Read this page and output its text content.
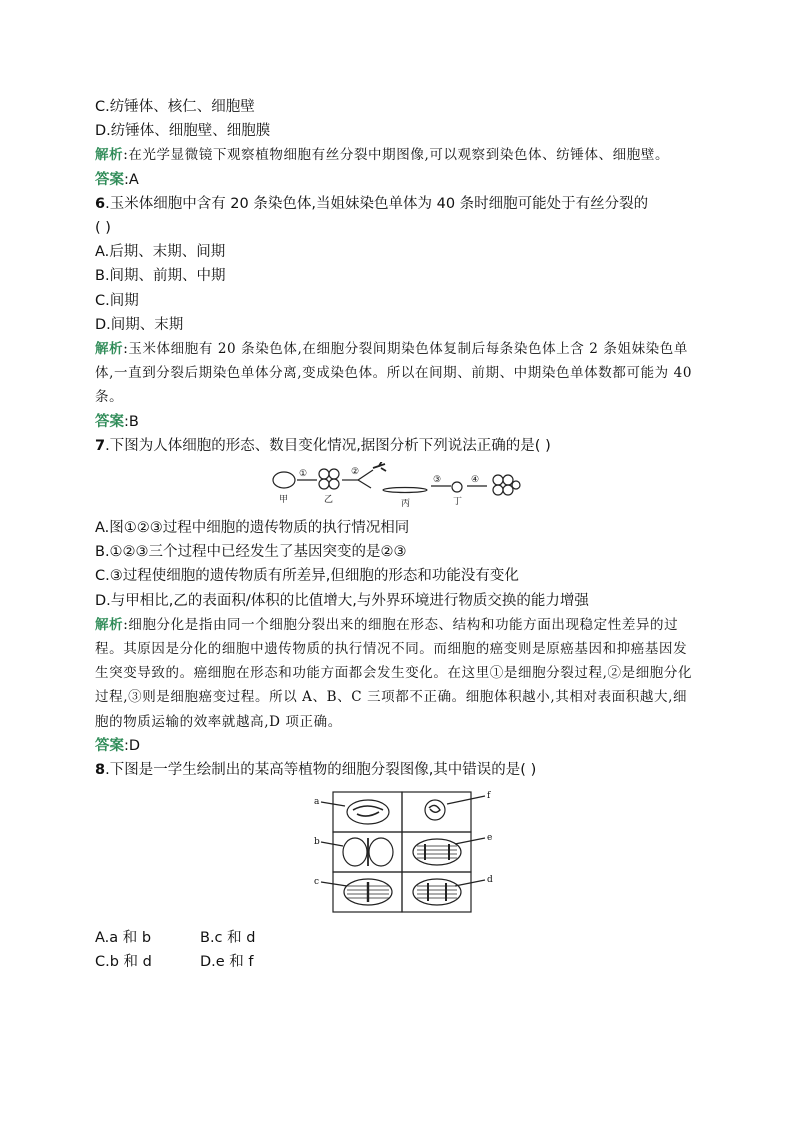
C.纺锤体、核仁、细胞壁
D.纺锤体、细胞壁、细胞膜
解析:在光学显微镜下观察植物细胞有丝分裂中期图像,可以观察到染色体、纺锤体、细胞壁。
答案:A
6.玉米体细胞中含有 20 条染色体,当姐妹染色单体为 40 条时细胞可能处于有丝分裂的
( )
A.后期、末期、间期
B.间期、前期、中期
C.间期
D.间期、末期
解析:玉米体细胞有 20 条染色体,在细胞分裂间期染色体复制后每条染色体上含 2 条姐妹染色单体,一直到分裂后期染色单体分离,变成染色体。所以在间期、前期、中期染色单体数都可能为 40 条。
答案:B
7.下图为人体细胞的形态、数目变化情况,据图分析下列说法正确的是( )
①
甲	乙
②
丙
③
丁
④
A.图①②③过程中细胞的遗传物质的执行情况相同
B.①②③三个过程中已经发生了基因突变的是②③
C.③过程使细胞的遗传物质有所差异,但细胞的形态和功能没有变化
D.与甲相比,乙的表面积/体积的比值增大,与外界环境进行物质交换的能力增强
解析:细胞分化是指由同一个细胞分裂出来的细胞在形态、结构和功能方面出现稳定性差异的过程。其原因是分化的细胞中遗传物质的执行情况不同。而细胞的癌变则是原癌基因和抑癌基因发生突变导致的。癌细胞在形态和功能方面都会发生变化。在这里①是细胞分裂过程,②是细胞分化过程,③则是细胞癌变过程。所以 A、B、C 三项都不正确。细胞体积越小,其相对表面积越大,细胞的物质运输的效率就越高,D 项正确。
答案:D
8.下图是一学生绘制出的某高等植物的细胞分裂图像,其中错误的是( )
a
f
b	e
c	d
A.a 和 b	B.c 和 d
C.b 和 d	D.e 和 f
